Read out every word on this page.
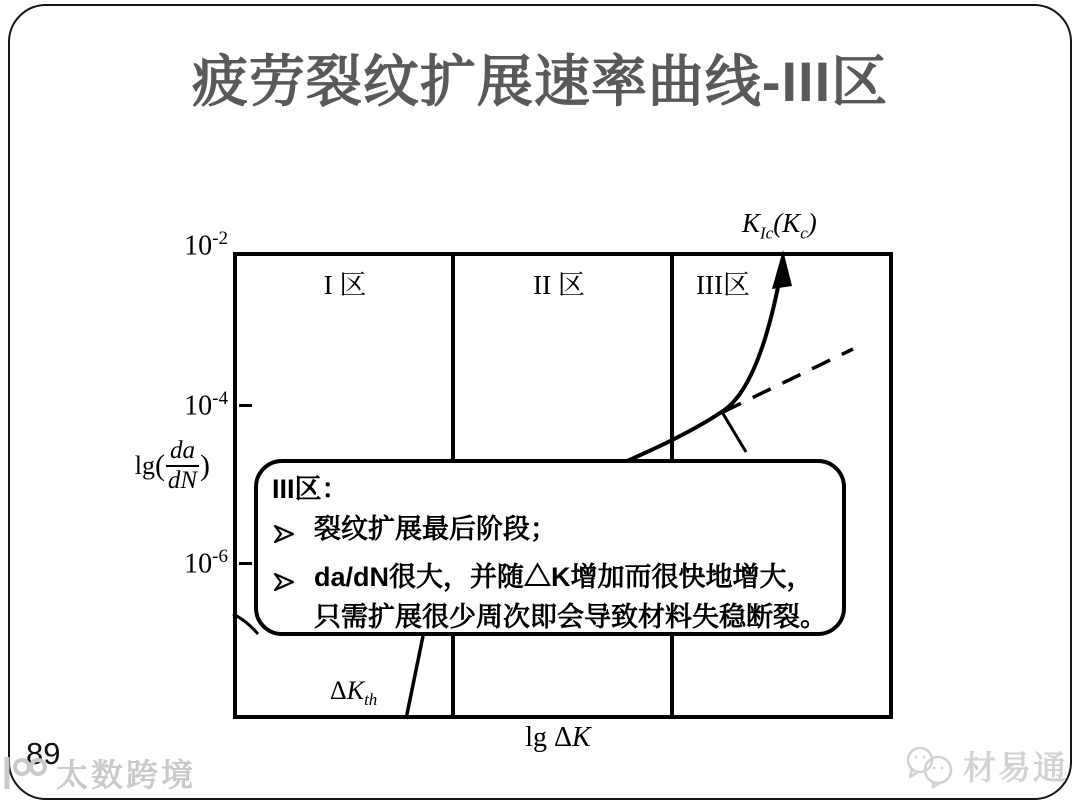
疲劳裂纹扩展速率曲线-III区
I 区	II 区	III区
$10^{-2}$
$10^{-4}$
$10^{-6}$
lg ( $\frac{da}{dN}$ )
lg ΔK
$K_{Ic}(K_c)$
$\Delta K_{th}$
III区：
裂纹扩展最后阶段；
da/dN很大，并随△K增加而很快地增大，
只需扩展很少周次即会导致材料失稳断裂。
89
太数跨境	材易通
